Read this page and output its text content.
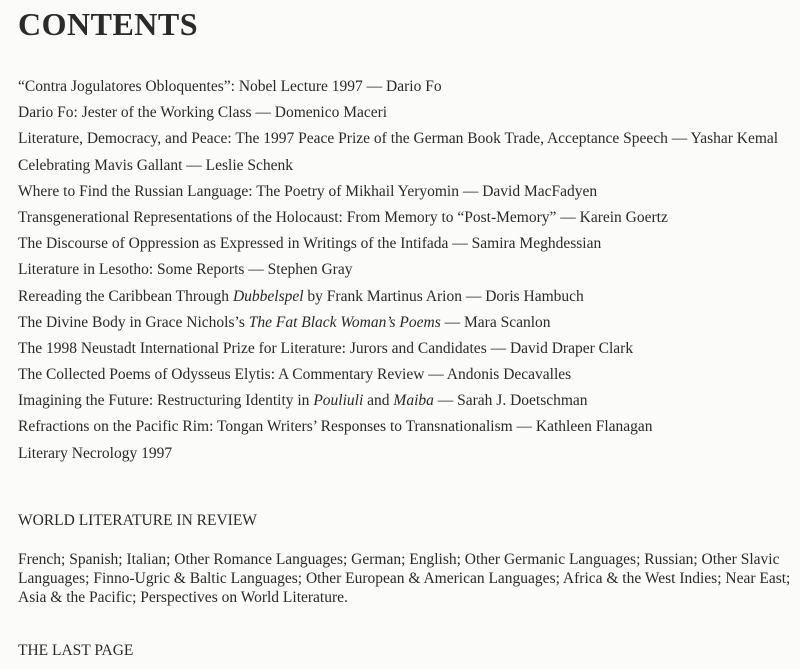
CONTENTS
“Contra Jogulatores Obloquentes”: Nobel Lecture 1997 — Dario Fo
Dario Fo: Jester of the Working Class — Domenico Maceri
Literature, Democracy, and Peace: The 1997 Peace Prize of the German Book Trade, Acceptance Speech — Yashar Kemal
Celebrating Mavis Gallant — Leslie Schenk
Where to Find the Russian Language: The Poetry of Mikhail Yeryomin — David MacFadyen
Transgenerational Representations of the Holocaust: From Memory to “Post-Memory” — Karein Goertz
The Discourse of Oppression as Expressed in Writings of the Intifada — Samira Meghdessian
Literature in Lesotho: Some Reports — Stephen Gray
Rereading the Caribbean Through Dubbelspel by Frank Martinus Arion — Doris Hambuch
The Divine Body in Grace Nichols’s The Fat Black Woman’s Poems — Mara Scanlon
The 1998 Neustadt International Prize for Literature: Jurors and Candidates — David Draper Clark
The Collected Poems of Odysseus Elytis: A Commentary Review — Andonis Decavalles
Imagining the Future: Restructuring Identity in Pouliuli and Maiba — Sarah J. Doetschman
Refractions on the Pacific Rim: Tongan Writers’ Responses to Transnationalism — Kathleen Flanagan
Literary Necrology 1997

WORLD LITERATURE IN REVIEW

French; Spanish; Italian; Other Romance Languages; German; English; Other Germanic Languages; Russian; Other Slavic Languages; Finno-Ugric & Baltic Languages; Other European & American Languages; Africa & the West Indies; Near East; Asia & the Pacific; Perspectives on World Literature.

THE LAST PAGE
